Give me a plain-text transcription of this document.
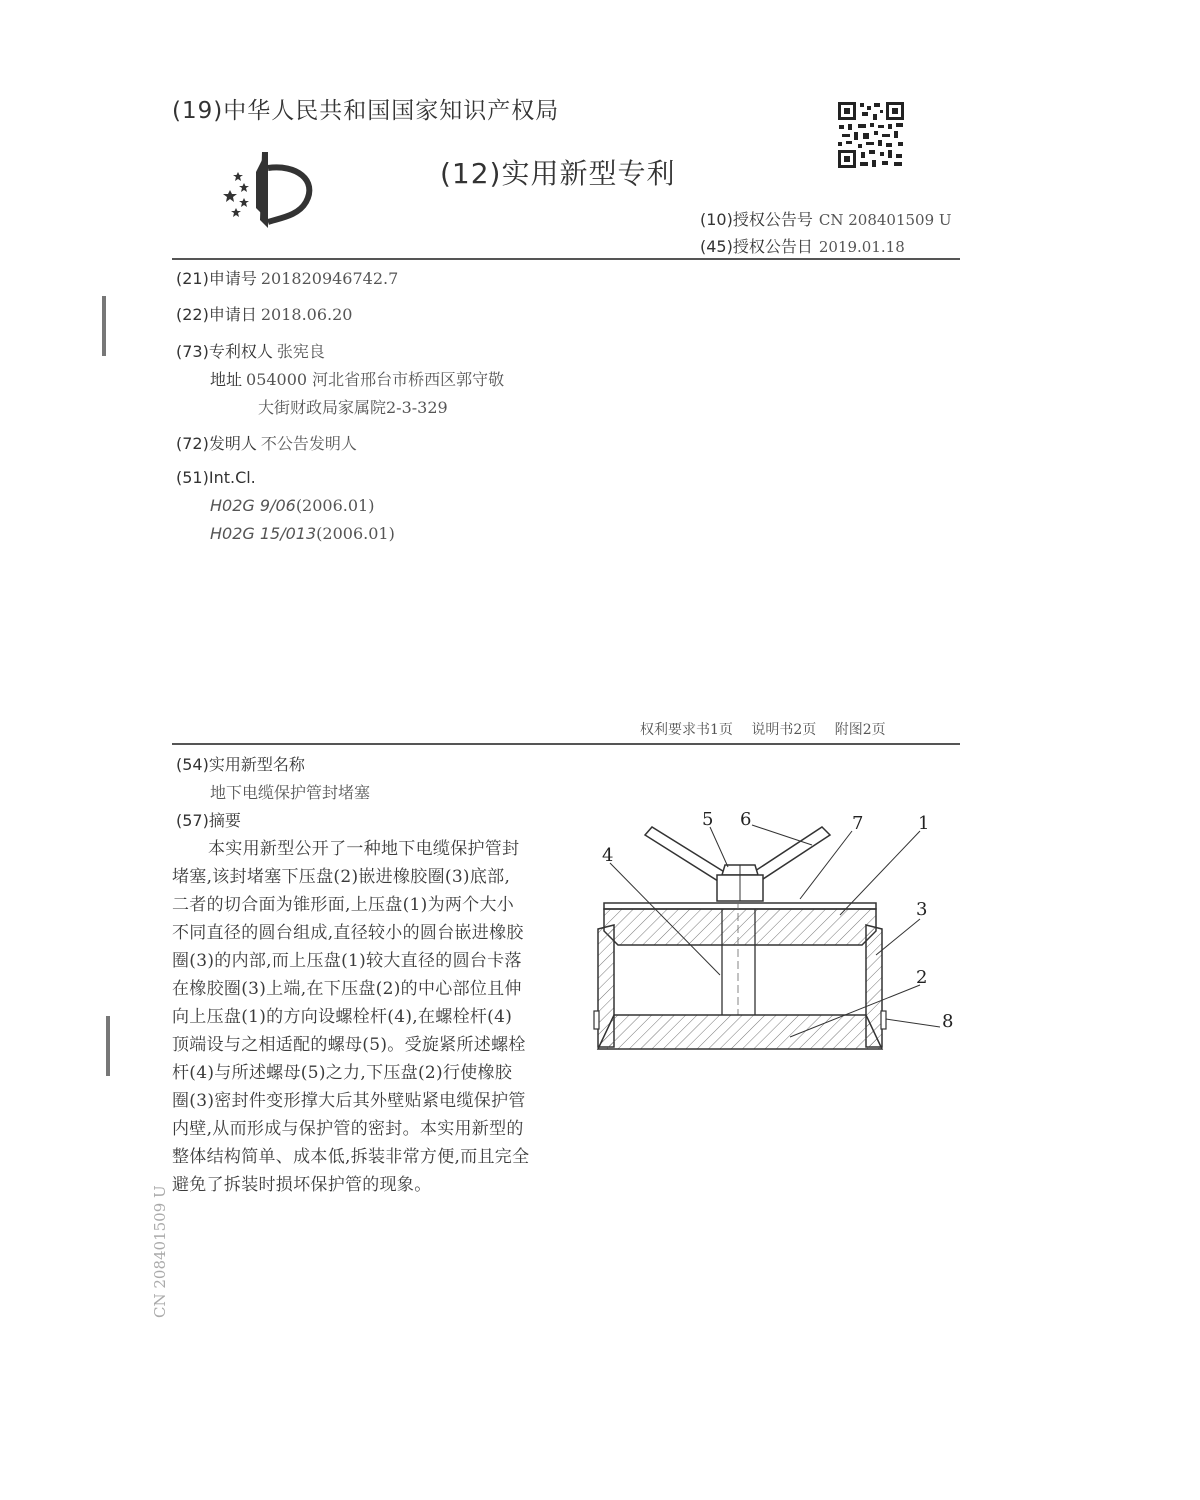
(19)中华人民共和国国家知识产权局
(12)实用新型专利
(10)授权公告号 CN 208401509 U
(45)授权公告日 2019.01.18
(21)申请号 201820946742.7
(22)申请日 2018.06.20
(73)专利权人 张宪良
地址 054000 河北省邢台市桥西区郭守敬
大街财政局家属院2-3-329
(72)发明人 不公告发明人
(51)Int.Cl.
H02G 9/06(2006.01)
H02G 15/013(2006.01)
权利要求书1页 说明书2页 附图2页
(54)实用新型名称
地下电缆保护管封堵塞
(57)摘要
本实用新型公开了一种地下电缆保护管封
堵塞,该封堵塞下压盘(2)嵌进橡胶圈(3)底部,
二者的切合面为锥形面,上压盘(1)为两个大小
不同直径的圆台组成,直径较小的圆台嵌进橡胶
圈(3)的内部,而上压盘(1)较大直径的圆台卡落
在橡胶圈(3)上端,在下压盘(2)的中心部位且伸
向上压盘(1)的方向设螺栓杆(4),在螺栓杆(4)
顶端设与之相适配的螺母(5)。受旋紧所述螺栓
杆(4)与所述螺母(5)之力,下压盘(2)行使橡胶
圈(3)密封件变形撑大后其外壁贴紧电缆保护管
内壁,从而形成与保护管的密封。本实用新型的
整体结构简单、成本低,拆装非常方便,而且完全
避免了拆装时损坏保护管的现象。
5 6	7	1
4
3
2
8
CN 208401509 U
